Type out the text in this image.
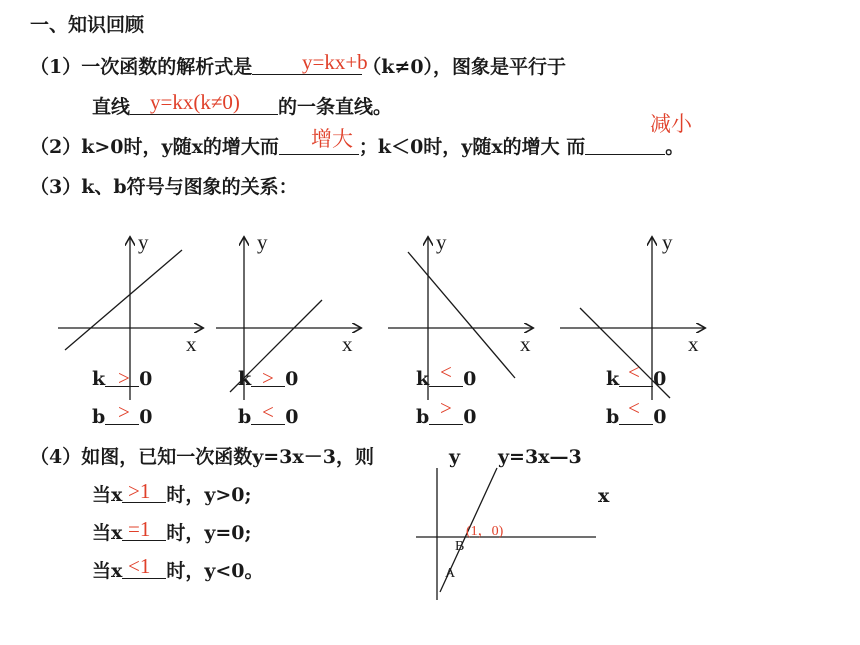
一、知识回顾
（1）一次函数的解析式是	（k≠0），图象是平行于
y=kx+b
直线	的一条直线。
y=kx(k≠0)
（2）k>0时，y随x的增大而	；k＜0时，y随x的增大 而	。
增大
减小
（3）k、b符号与图象的关系：
y
x
y
x
y
x
y
x
k 0
b 0
>
>
k 0
b 0
>
<
k 0
b 0
<
>
k 0
b 0
<
<
（4）如图，已知一次函数y=3x－3，则	y y=3x—3
x
(1，0)
B
A
当x 时，y>0;
>1
当x 时，y=0;
=1
当x 时，y<0。
<1
